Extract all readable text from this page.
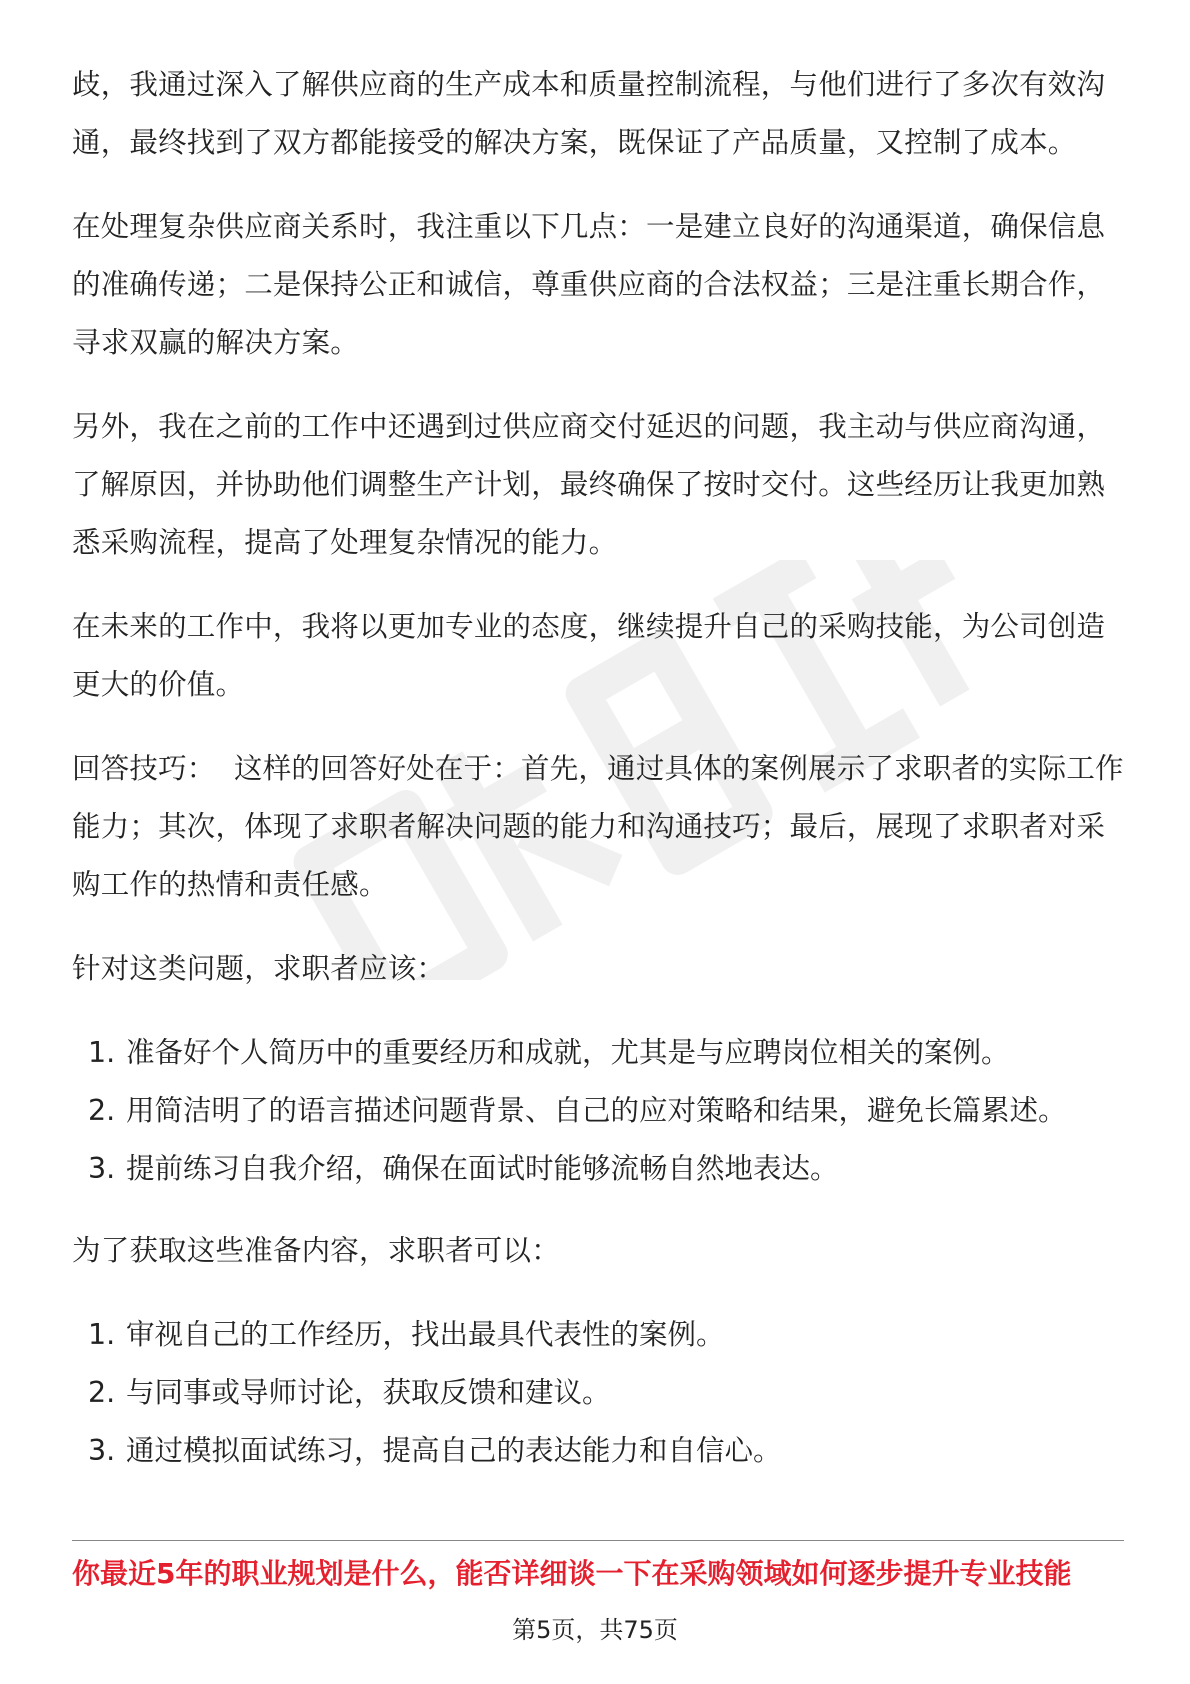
歧，我通过深入了解供应商的生产成本和质量控制流程，与他们进行了多次有效沟通，最终找到了双方都能接受的解决方案，既保证了产品质量，又控制了成本。

在处理复杂供应商关系时，我注重以下几点：一是建立良好的沟通渠道，确保信息的准确传递；二是保持公正和诚信，尊重供应商的合法权益；三是注重长期合作，寻求双赢的解决方案。

另外，我在之前的工作中还遇到过供应商交付延迟的问题，我主动与供应商沟通，了解原因，并协助他们调整生产计划，最终确保了按时交付。这些经历让我更加熟悉采购流程，提高了处理复杂情况的能力。

在未来的工作中，我将以更加专业的态度，继续提升自己的采购技能，为公司创造更大的价值。

回答技巧：  这样的回答好处在于：首先，通过具体的案例展示了求职者的实际工作能力；其次，体现了求职者解决问题的能力和沟通技巧；最后，展现了求职者对采购工作的热情和责任感。

针对这类问题，求职者应该：

1. 准备好个人简历中的重要经历和成就，尤其是与应聘岗位相关的案例。
2. 用简洁明了的语言描述问题背景、自己的应对策略和结果，避免长篇累述。
3. 提前练习自我介绍，确保在面试时能够流畅自然地表达。

为了获取这些准备内容，求职者可以：

1. 审视自己的工作经历，找出最具代表性的案例。
2. 与同事或导师讨论，获取反馈和建议。
3. 通过模拟面试练习，提高自己的表达能力和自信心。
你最近5年的职业规划是什么，能否详细谈一下在采购领域如何逐步提升专业技能
第5页，共75页
